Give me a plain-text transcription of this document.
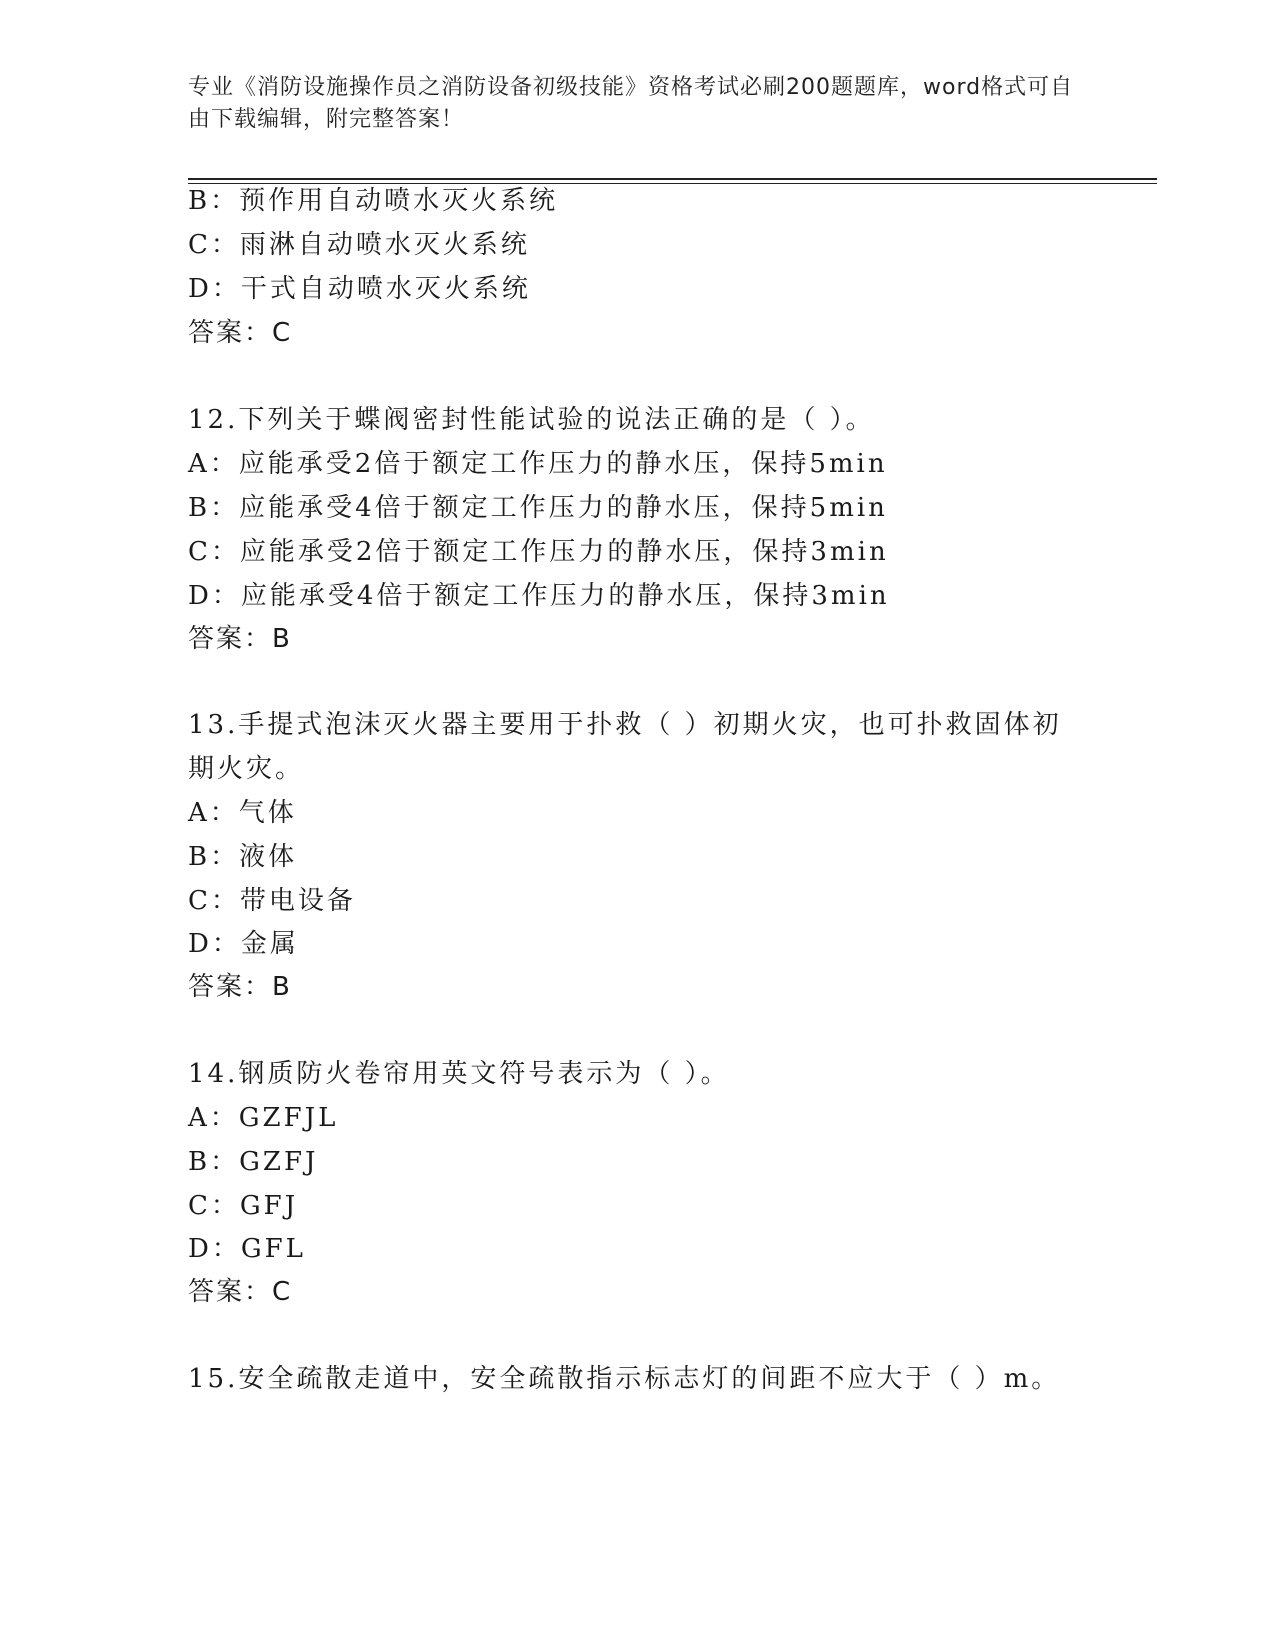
专业《消防设施操作员之消防设备初级技能》资格考试必刷200题题库，word格式可自由下载编辑，附完整答案！
B：预作用自动喷水灭火系统
C：雨淋自动喷水灭火系统
D：干式自动喷水灭火系统
答案：C
12.下列关于蝶阀密封性能试验的说法正确的是（ ）。
A：应能承受2倍于额定工作压力的静水压，保持5min
B：应能承受4倍于额定工作压力的静水压，保持5min
C：应能承受2倍于额定工作压力的静水压，保持3min
D：应能承受4倍于额定工作压力的静水压，保持3min
答案：B
13.手提式泡沫灭火器主要用于扑救（ ）初期火灾，也可扑救固体初
期火灾。
A：气体
B：液体
C：带电设备
D：金属
答案：B
14.钢质防火卷帘用英文符号表示为（ ）。
A：GZFJL
B：GZFJ
C：GFJ
D：GFL
答案：C
15.安全疏散走道中，安全疏散指示标志灯的间距不应大于（ ）m。
